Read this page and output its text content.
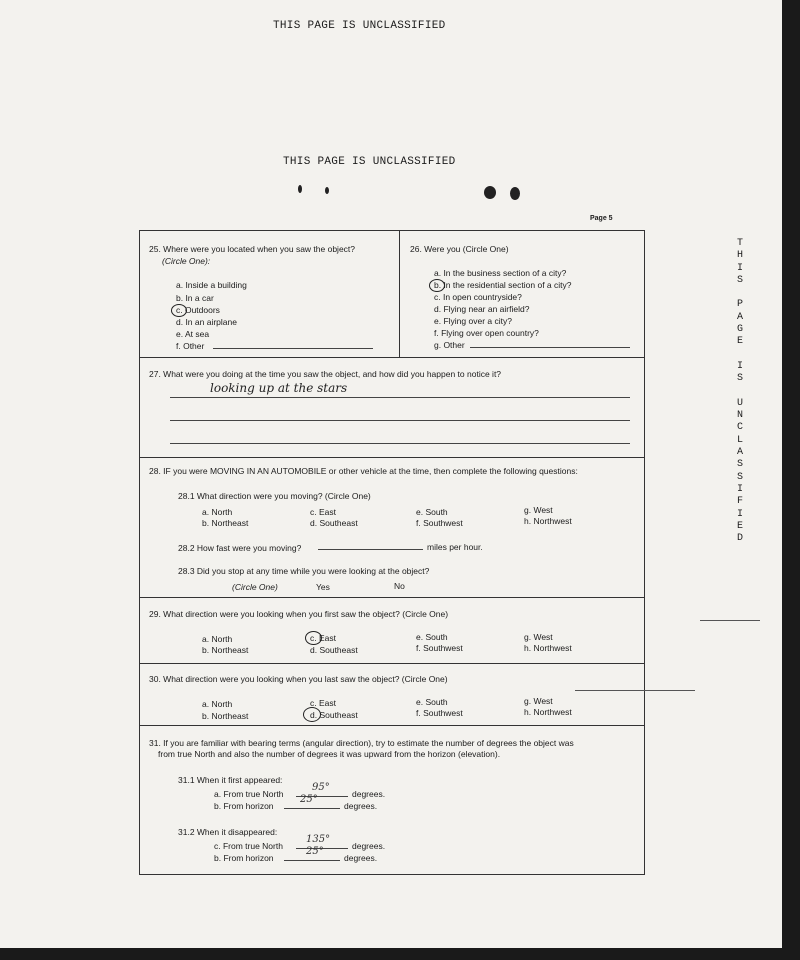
THIS PAGE IS UNCLASSIFIED
THIS PAGE IS UNCLASSIFIED
Page 5
T
H
I
S

P
A
G
E

I
S

U
N
C
L
A
S
S
I
F
I
E
D
25. Where were you located when you saw the object?
(Circle One):
a. Inside a building
b. In a car
c. Outdoors
d. In an airplane
e. At sea
f. Other
26. Were you (Circle One)
a. In the business section of a city?
b. In the residential section of a city?
c. In open countryside?
d. Flying near an airfield?
e. Flying over a city?
f. Flying over open country?
g. Other
27. What were you doing at the time you saw the object, and how did you happen to notice it?
looking up at the stars
28. IF you were MOVING IN AN AUTOMOBILE or other vehicle at the time, then complete the following questions:
28.1 What direction were you moving? (Circle One)
a. North	c. East	e. South	g. West
b. Northeast	d. Southeast	f. Southwest	h. Northwest
28.2 How fast were you moving?	miles per hour.
28.3 Did you stop at any time while you were looking at the object?
(Circle One)	Yes	No
29. What direction were you looking when you first saw the object? (Circle One)
a. North	c. East	e. South	g. West
b. Northeast	d. Southeast	f. Southwest	h. Northwest
30. What direction were you looking when you last saw the object? (Circle One)
a. North	c. East	e. South	g. West
b. Northeast	d. Southeast	f. Southwest	h. Northwest
31. If you are familiar with bearing terms (angular direction), try to estimate the number of degrees the object was
from true North and also the number of degrees it was upward from the horizon (elevation).
31.1 When it first appeared:
a. From true North
95°
degrees.
b. From horizon
25°
degrees.
31.2 When it disappeared:
c. From true North
135°
degrees.
b. From horizon
25°
degrees.
